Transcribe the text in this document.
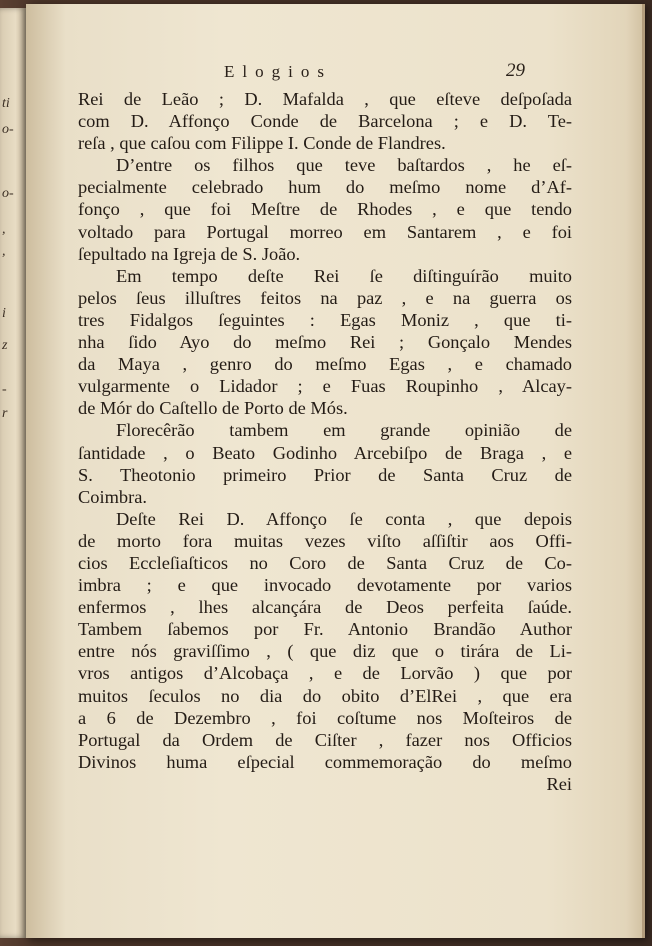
ti
o-
o-
,
,
i
z
-
r
Elogios	29
Rei de Leão ; D. Mafalda , que eſteve deſpoſada
com D. Affonço Conde de Barcelona ; e D. Te-
reſa , que caſou com Filippe I. Conde de Flandres.
D’entre os filhos que teve baſtardos , he eſ-
pecialmente celebrado hum do meſmo nome d’Af-
fonço , que foi Meſtre de Rhodes , e que tendo
voltado para Portugal morreo em Santarem , e foi
ſepultado na Igreja de S. João.
Em tempo deſte Rei ſe diſtinguírão muito
pelos ſeus illuſtres feitos na paz , e na guerra os
tres Fidalgos ſeguintes : Egas Moniz , que ti-
nha ſido Ayo do meſmo Rei ; Gonçalo Mendes
da Maya , genro do meſmo Egas , e chamado
vulgarmente o Lidador ; e Fuas Roupinho , Alcay-
de Mór do Caſtello de Porto de Mós.
Florecêrão tambem em grande opinião de
ſantidade , o Beato Godinho Arcebiſpo de Braga , e
S. Theotonio primeiro Prior de Santa Cruz de
Coimbra.
Deſte Rei D. Affonço ſe conta , que depois
de morto fora muitas vezes viſto aſſiſtir aos Offi-
cios Eccleſiaſticos no Coro de Santa Cruz de Co-
imbra ; e que invocado devotamente por varios
enfermos , lhes alcançára de Deos perfeita ſaúde.
Tambem ſabemos por Fr. Antonio Brandão Author
entre nós graviſſimo , ( que diz que o tirára de Li-
vros antigos d’Alcobaça , e de Lorvão ) que por
muitos ſeculos no dia do obito d’ElRei , que era
a 6 de Dezembro , foi coſtume nos Moſteiros de
Portugal da Ordem de Ciſter , fazer nos Officios
Divinos huma eſpecial commemoração do meſmo
Rei
